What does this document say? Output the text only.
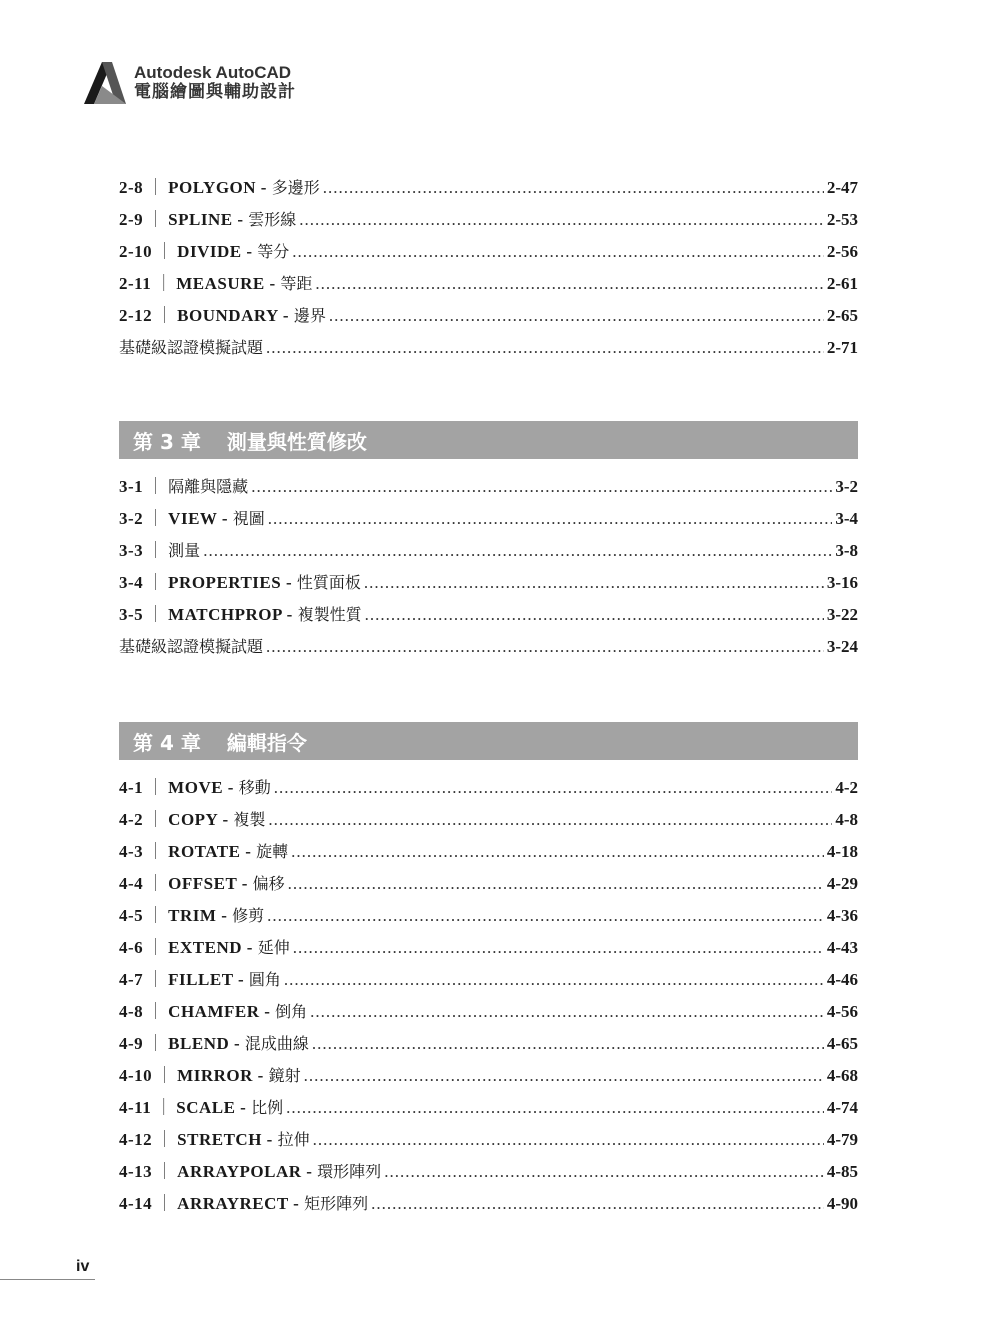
Autodesk AutoCAD
電腦繪圖與輔助設計
2-8 ｜ POLYGON - 多邊形 .....	2-47
2-9 ｜ SPLINE - 雲形線 .....	2-53
2-10 ｜ DIVIDE - 等分 .....	2-56
2-11 ｜ MEASURE - 等距 .....	2-61
2-12 ｜ BOUNDARY - 邊界 .....	2-65
基礎級認證模擬試題 .....	2-71
第 3 章 測量與性質修改
3-1 ｜ 隔離與隱藏 .....	3-2
3-2 ｜ VIEW - 視圖 .....	3-4
3-3 ｜ 測量 .....	3-8
3-4 ｜ PROPERTIES - 性質面板 .....	3-16
3-5 ｜ MATCHPROP - 複製性質 .....	3-22
基礎級認證模擬試題 .....	3-24
第 4 章 編輯指令
4-1 ｜ MOVE - 移動 .....	4-2
4-2 ｜ COPY - 複製 .....	4-8
4-3 ｜ ROTATE - 旋轉 .....	4-18
4-4 ｜ OFFSET - 偏移 .....	4-29
4-5 ｜ TRIM - 修剪 .....	4-36
4-6 ｜ EXTEND - 延伸 .....	4-43
4-7 ｜ FILLET - 圓角 .....	4-46
4-8 ｜ CHAMFER - 倒角 .....	4-56
4-9 ｜ BLEND - 混成曲線 .....	4-65
4-10 ｜ MIRROR - 鏡射 .....	4-68
4-11 ｜ SCALE - 比例 .....	4-74
4-12 ｜ STRETCH - 拉伸 .....	4-79
4-13 ｜ ARRAYPOLAR - 環形陣列 .....	4-85
4-14 ｜ ARRAYRECT - 矩形陣列 .....	4-90
iv
